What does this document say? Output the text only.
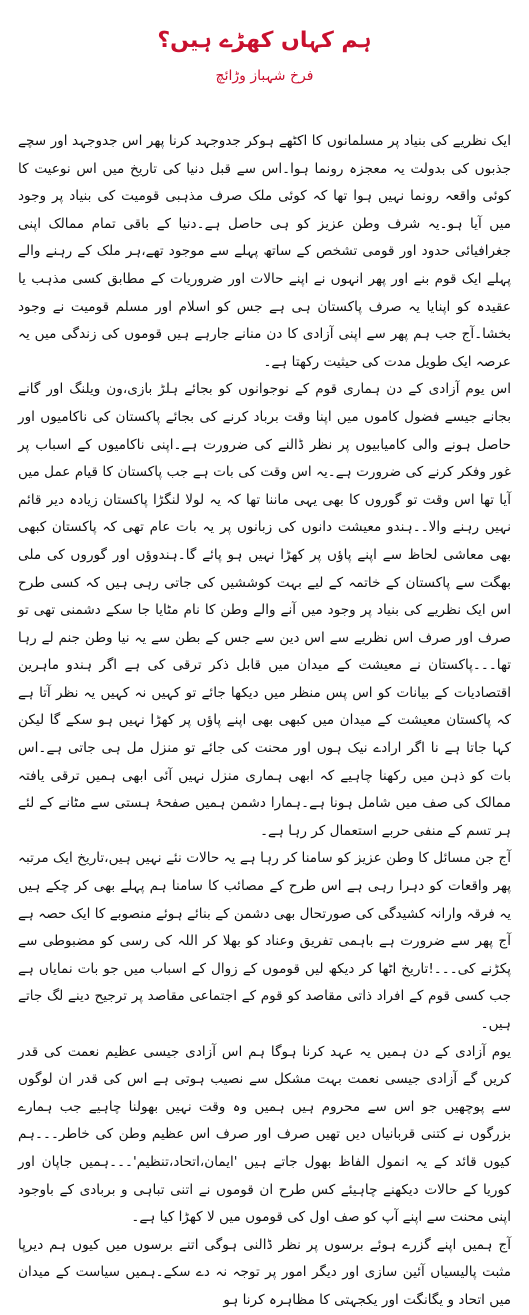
ہم کہاں کھڑے ہیں؟
فرخ شہباز وڑائچ

ایک نظریے کی بنیاد پر مسلمانوں کا اکٹھے ہوکر جدوجہد کرنا پھر اس جدوجہد اور سچے جذبوں کی بدولت یہ معجزہ رونما ہوا۔اس سے قبل دنیا کی تاریخ میں اس نوعیت کا کوئی واقعہ رونما نہیں ہوا تھا کہ کوئی ملک صرف مذہبی قومیت کی بنیاد پر وجود میں آیا ہو۔یہ شرف وطن عزیز کو ہی حاصل ہے۔دنیا کے باقی تمام ممالک اپنی جغرافیائی حدود اور قومی تشخص کے ساتھ پہلے سے موجود تھے،ہر ملک کے رہنے والے پہلے ایک قوم بنے اور پھر انہوں نے اپنے حالات اور ضروریات کے مطابق کسی مذہب یا عقیدہ کو اپنایا یہ صرف پاکستان ہی ہے جس کو اسلام اور مسلم قومیت نے وجود بخشا۔آج جب ہم پھر سے اپنی آزادی کا دن منانے جارہے ہیں قوموں کی زندگی میں یہ عرصہ ایک طویل مدت کی حیثیت رکھتا ہے۔

اس یوم آزادی کے دن ہماری قوم کے نوجوانوں کو بجائے ہلڑ بازی،ون ویلنگ اور گانے بجانے جیسے فضول کاموں میں اپنا وقت برباد کرنے کی بجائے پاکستان کی ناکامیوں اور حاصل ہونے والی کامیابیوں پر نظر ڈالنے کی ضرورت ہے۔اپنی ناکامیوں کے اسباب پر غور وفکر کرنے کی ضرورت ہے۔یہ اس وقت کی بات ہے جب پاکستان کا قیام عمل میں آیا تھا اس وقت تو گوروں کا بھی یہی ماننا تھا کہ یہ لولا لنگڑا پاکستان زیادہ دیر قائم نہیں رہنے والا۔۔ہندو معیشت دانوں کی زبانوں پر یہ بات عام تھی کہ پاکستان کبھی بھی معاشی لحاظ سے اپنے پاؤں پر کھڑا نہیں ہو پائے گا۔ہندوؤں اور گوروں کی ملی بھگت سے پاکستان کے خاتمہ کے لیے بہت کوششیں کی جاتی رہی ہیں کہ کسی طرح اس ایک نظریے کی بنیاد پر وجود میں آنے والے وطن کا نام مٹایا جا سکے دشمنی تھی تو صرف اور صرف اس نظریے سے اس دین سے جس کے بطن سے یہ نیا وطن جنم لے رہا تھا۔۔۔پاکستان نے معیشت کے میدان میں قابل ذکر ترقی کی ہے اگر ہندو ماہرین اقتصادیات کے بیانات کو اس پس منظر میں دیکھا جائے تو کہیں نہ کہیں یہ نظر آتا ہے کہ پاکستان معیشت کے میدان میں کبھی بھی اپنے پاؤں پر کھڑا نہیں ہو سکے گا لیکن کہا جاتا ہے نا اگر ارادے نیک ہوں اور محنت کی جائے تو منزل مل ہی جاتی ہے۔اس بات کو ذہن میں رکھنا چاہیے کہ ابھی ہماری منزل نہیں آئی ابھی ہمیں ترقی یافتہ ممالک کی صف میں شامل ہونا ہے۔ہمارا دشمن ہمیں صفحۂ ہستی سے مٹانے کے لئے ہر تسم کے منفی حربے استعمال کر رہا ہے۔

آج جن مسائل کا وطن عزیز کو سامنا کر رہا ہے یہ حالات نئے نہیں ہیں،تاریخ ایک مرتبہ پھر واقعات کو دہرا رہی ہے اس طرح کے مصائب کا سامنا ہم پہلے بھی کر چکے ہیں یہ فرقہ وارانہ کشیدگی کی صورتحال بھی دشمن کے بنائے ہوئے منصوبے کا ایک حصہ ہے آج پھر سے ضرورت ہے باہمی تفریق وعناد کو بھلا کر اللہ کی رسی کو مضبوطی سے پکڑنے کی۔۔۔!تاریخ اٹھا کر دیکھ لیں قوموں کے زوال کے اسباب میں جو بات نمایاں ہے جب کسی قوم کے افراد ذاتی مقاصد کو قوم کے اجتماعی مقاصد پر ترجیح دینے لگ جاتے ہیں۔

یوم آزادی کے دن ہمیں یہ عہد کرنا ہوگا ہم اس آزادی جیسی عظیم نعمت کی قدر کریں گے آزادی جیسی نعمت بہت مشکل سے نصیب ہوتی ہے اس کی قدر ان لوگوں سے پوچھیں جو اس سے محروم ہیں ہمیں وہ وقت نہیں بھولنا چاہیے جب ہمارے بزرگوں نے کتنی قربانیاں دیں تھیں صرف اور صرف اس عظیم وطن کی خاطر۔۔۔ہم کیوں قائد کے یہ انمول الفاظ بھول جاتے ہیں 'ایمان،اتحاد،تنظیم'۔۔۔ہمیں جاپان اور کوریا کے حالات دیکھنے چاہیئے کس طرح ان قوموں نے اتنی تباہی و بربادی کے باوجود اپنی محنت سے اپنے آپ کو صف اول کی قوموں میں لا کھڑا کیا ہے۔

آج ہمیں اپنے گزرے ہوئے برسوں پر نظر ڈالنی ہوگی اتنے برسوں میں کیوں ہم دیرپا مثبت پالیسیاں آئین سازی اور دیگر امور پر توجہ نہ دے سکے۔ہمیں سیاست کے میدان میں اتحاد و یگانگت اور یکجہتی کا مظاہرہ کرنا ہو
